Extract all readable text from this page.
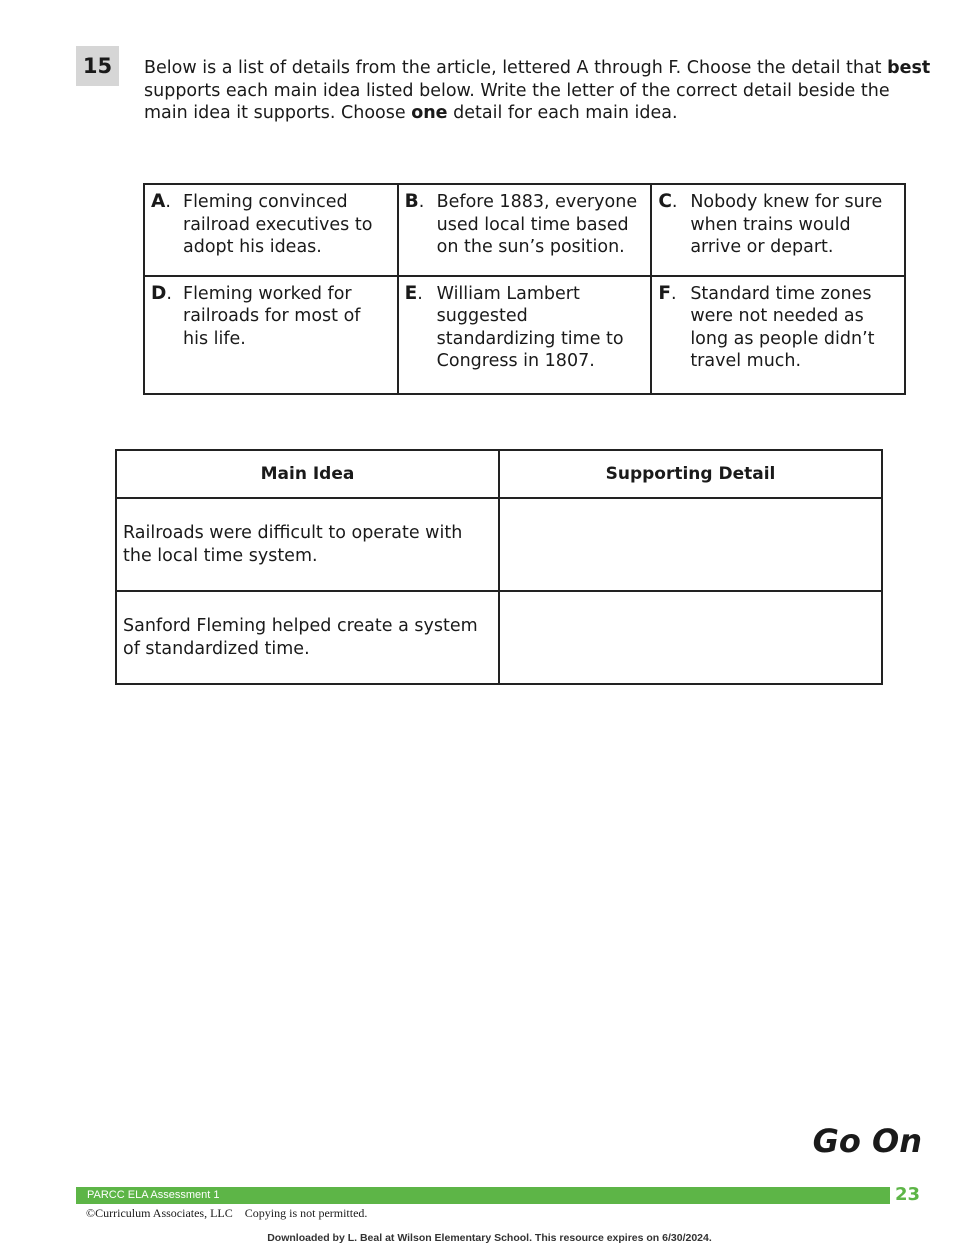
15	Below is a list of details from the article, lettered A through F. Choose the detail that best supports each main idea listed below. Write the letter of the correct detail beside the main idea it supports. Choose one detail for each main idea.
A. Fleming convinced railroad executives to adopt his ideas.	B. Before 1883, everyone used local time based on the sun’s position.	C. Nobody knew for sure when trains would arrive or depart.

D. Fleming worked for railroads for most of his life.	E. William Lambert suggested standardizing time to Congress in 1807.	F. Standard time zones were not needed as long as people didn’t travel much.
Main Idea	Supporting Detail
Railroads were difficult to operate with the local time system.	
Sanford Fleming helped create a system of standardized time.	
Go On
PARCC ELA Assessment 1	23
©Curriculum Associates, LLC    Copying is not permitted.
Downloaded by L. Beal at Wilson Elementary School. This resource expires on 6/30/2024.
